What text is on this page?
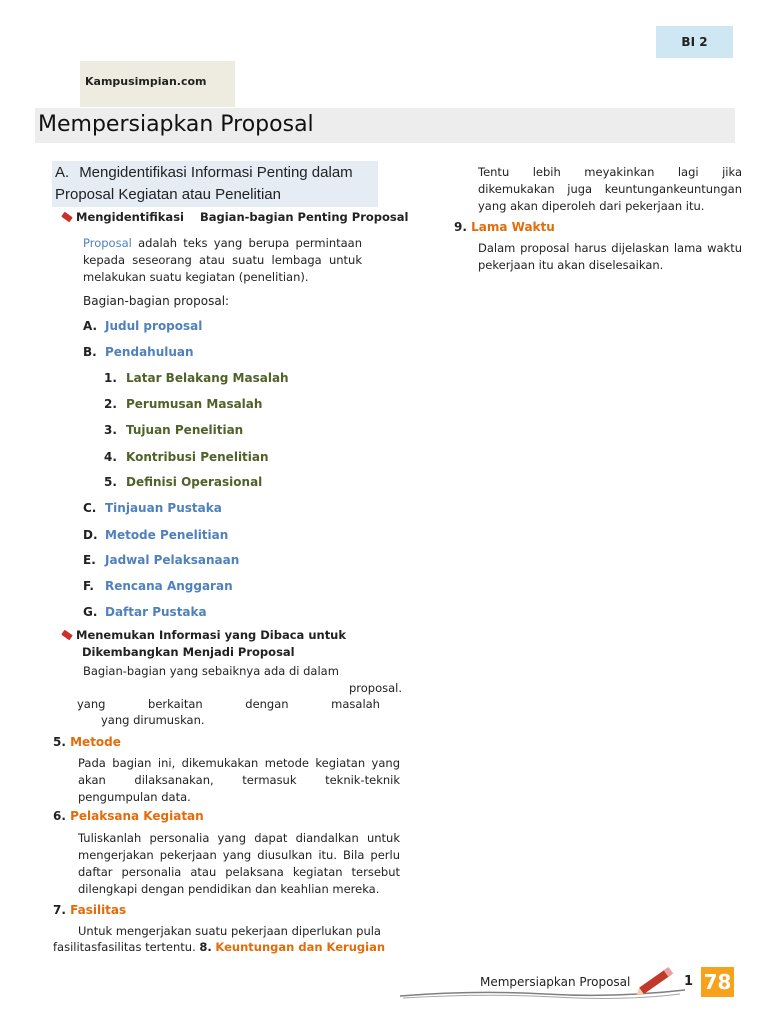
BI 2
Kampusimpian.com
Mempersiapkan Proposal
A. Mengidentifikasi Informasi Penting dalam Proposal Kegiatan atau Penelitian
Mengidentifikasi Bagian-bagian Penting Proposal
Proposal adalah teks yang berupa permintaan kepada seseorang atau suatu lembaga untuk melakukan suatu kegiatan (penelitian).
Bagian-bagian proposal:
A. Judul proposal
B. Pendahuluan
1. Latar Belakang Masalah
2. Perumusan Masalah
3. Tujuan Penelitian
4. Kontribusi Penelitian
5. Definisi Operasional
C. Tinjauan Pustaka
D. Metode Penelitian
E. Jadwal Pelaksanaan
F. Rencana Anggaran
G. Daftar Pustaka
Menemukan Informasi yang Dibaca untuk
Dikembangkan Menjadi Proposal
Bagian-bagian yang sebaiknya ada di dalam
proposal.
yang	berkaitan	dengan	masalah
yang dirumuskan.
5. Metode
Pada bagian ini, dikemukakan metode kegiatan yang akan dilaksanakan, termasuk teknik-teknik pengumpulan data.
6. Pelaksana Kegiatan
Tuliskanlah personalia yang dapat diandalkan untuk mengerjakan pekerjaan yang diusulkan itu. Bila perlu daftar personalia atau pelaksana kegiatan tersebut dilengkapi dengan pendidikan dan keahlian mereka.
7. Fasilitas
Untuk mengerjakan suatu pekerjaan diperlukan pula
fasilitasfasilitas tertentu. 8. Keuntungan dan Kerugian
Tentu lebih meyakinkan lagi jika dikemukakan juga keuntungankeuntungan yang akan diperoleh dari pekerjaan itu.
9. Lama Waktu
Dalam proposal harus dijelaskan lama waktu pekerjaan itu akan diselesaikan.
Mempersiapkan Proposal	1 78
